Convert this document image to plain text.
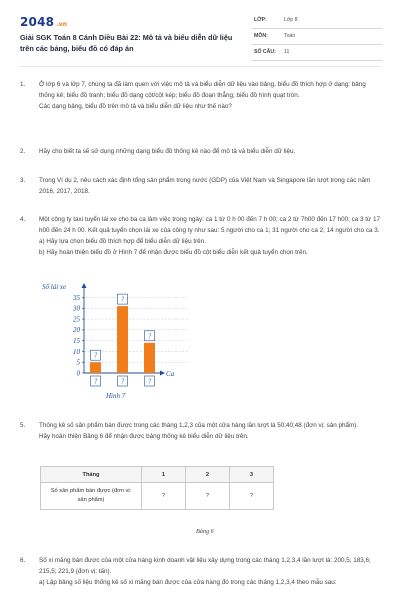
2048 .vn
Giải SGK Toán 8 Cánh Diều Bài 22: Mô tả và biểu diễn dữ liệu trên các bảng, biểu đồ có đáp án
LỚP:	Lớp 8
MÔN:	Toán
SỐ CÂU: 11
1.	Ở lớp 6 và lớp 7, chúng ta đã làm quen với việc mô tả và biểu diễn dữ liệu vào bảng, biểu đồ thích hợp ở dạng: bảng thống kê; biểu đồ tranh; biểu đồ dạng cột/cột kép; biểu đồ đoạn thẳng; biểu đồ hình quạt tròn.

Các dạng bảng, biểu đồ trên mô tả và biểu diễn dữ liệu như thế nào?

2.	Hãy cho biết ta sẽ sử dụng những dạng biểu đồ thống kê nào để mô tả và biểu diễn dữ liệu.

3.	Trong Ví dụ 2, nêu cách xác định tổng sản phẩm trong nước (GDP) của Việt Nam và Singapore lần lượt trong các năm 2016, 2017, 2018.

4.	Một công ty taxi tuyển lái xe cho ba ca làm việc trong ngày: ca 1 từ 0 h 00 đến 7 h 00; ca 2 từ 7h00 đến 17 h00; ca 3 từ 17 h00 đến 24 h 00. Kết quả tuyển chọn lái xe của công ty như sau: 5 người cho ca 1; 31 người cho ca 2; 14 người cho ca 3.

a) Hãy lựa chọn biểu đồ thích hợp để biểu diễn dữ liệu trên.

b) Hãy hoàn thiện biểu đồ ở Hình 7 để nhận được biểu đồ cột biểu diễn kết quả tuyển chọn trên.

Số lái xe
Ca
Hình 7
0
5
10
15
20
25
30
35
?
?
?
?
?
?
5.	Thống kê số sản phẩm bán được trong các tháng 1,2,3 của một cửa hàng lần lượt là 50;40;48 (đơn vị: sản phẩm).

Hãy hoàn thiện Bảng 6 để nhận được bảng thống kê biểu diễn dữ liệu trên.

Tháng	1	2	3
Số sản phẩm bán được (đơn vị: sản phẩm)	?	?	?
Bảng 6
6.	Số xi măng bán được của một cửa hàng kinh doanh vật liệu xây dựng trong các tháng 1,2,3,4 lần lượt là: 200,5; 183,6; 215,5; 221,9 (đơn vị: tấn).

a) Lập bảng số liệu thống kê số xi măng bán được của cửa hàng đó trong các tháng 1,2,3,4 theo mẫu sau:
